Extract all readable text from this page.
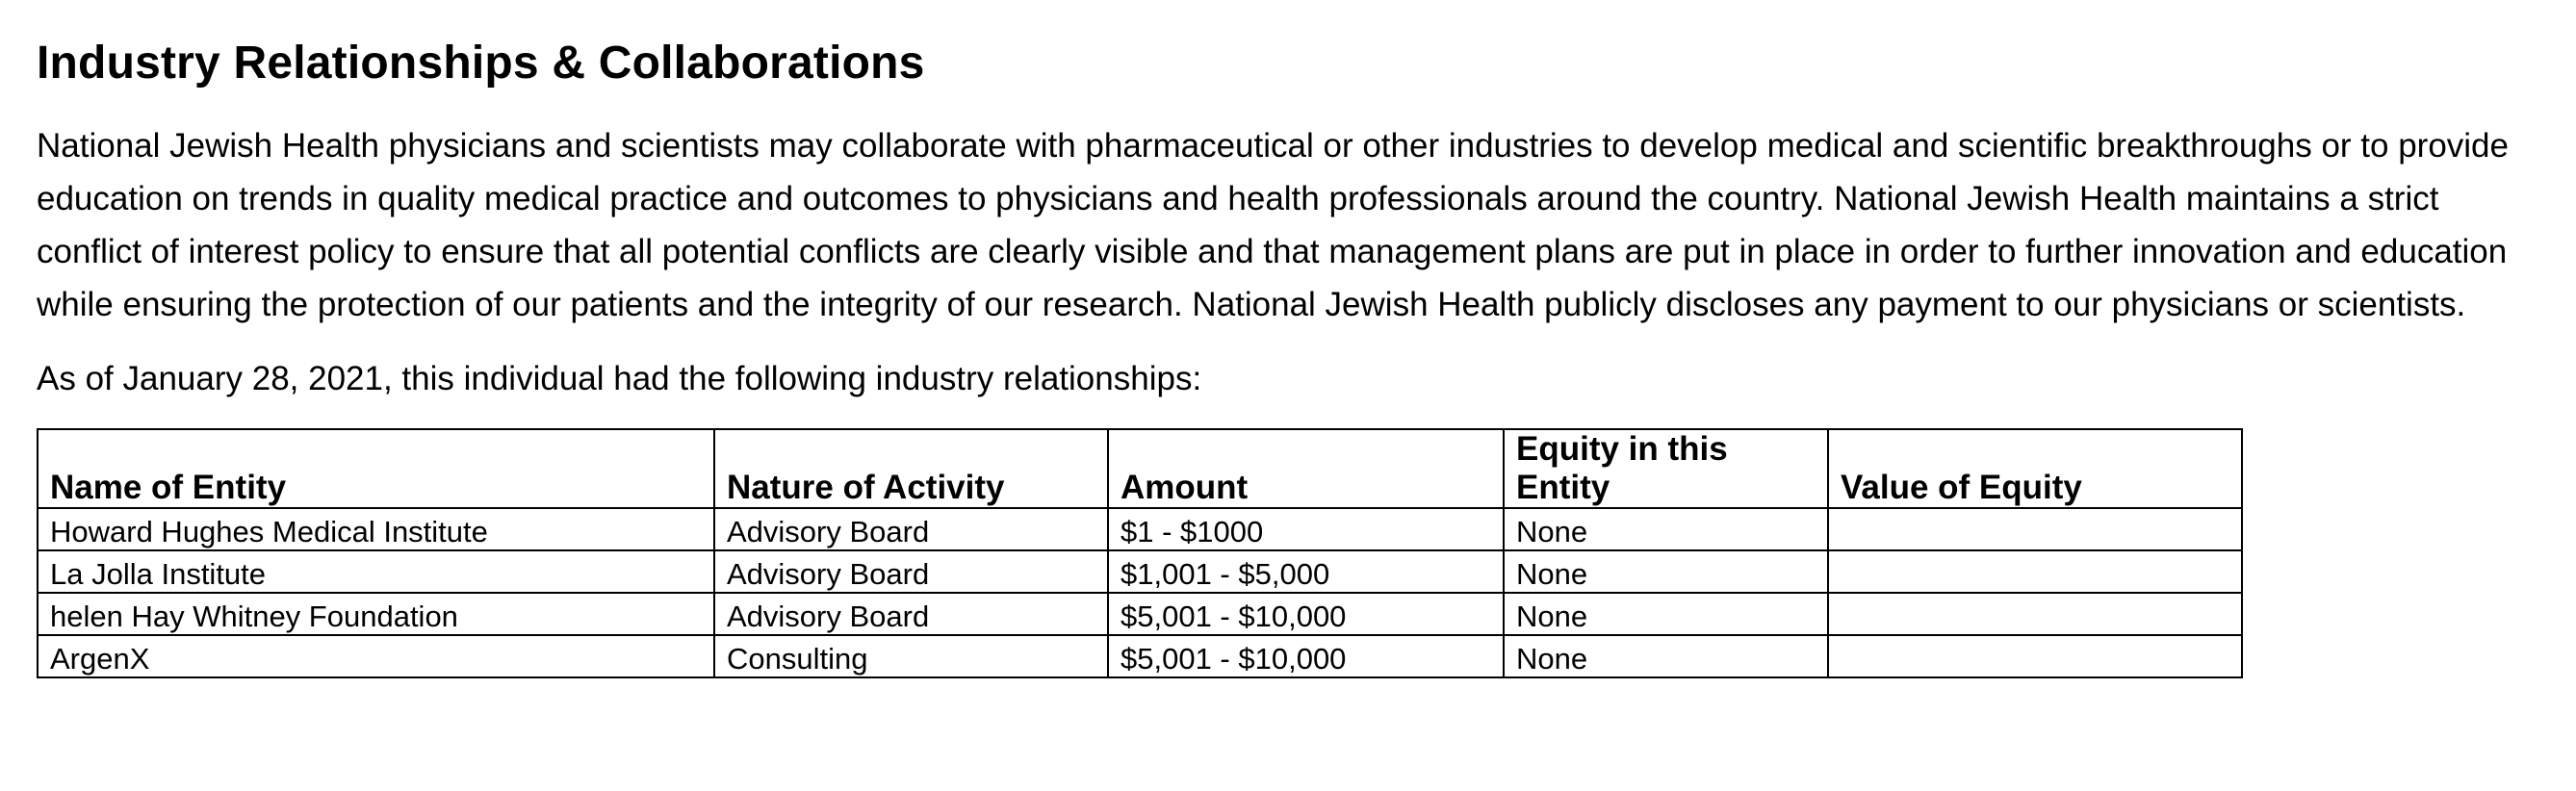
Industry Relationships & Collaborations

National Jewish Health physicians and scientists may collaborate with pharmaceutical or other industries to develop medical and scientific breakthroughs or to provide education on trends in quality medical practice and outcomes to physicians and health professionals around the country. National Jewish Health maintains a strict conflict of interest policy to ensure that all potential conflicts are clearly visible and that management plans are put in place in order to further innovation and education while ensuring the protection of our patients and the integrity of our research. National Jewish Health publicly discloses any payment to our physicians or scientists.

As of January 28, 2021, this individual had the following industry relationships:

Name of Entity	Nature of Activity	Amount	Equity in this Entity	Value of Equity
Howard Hughes Medical Institute	Advisory Board	$1 - $1000	None	
La Jolla Institute	Advisory Board	$1,001 - $5,000	None	
helen Hay Whitney Foundation	Advisory Board	$5,001 - $10,000	None	
ArgenX	Consulting	$5,001 - $10,000	None	
